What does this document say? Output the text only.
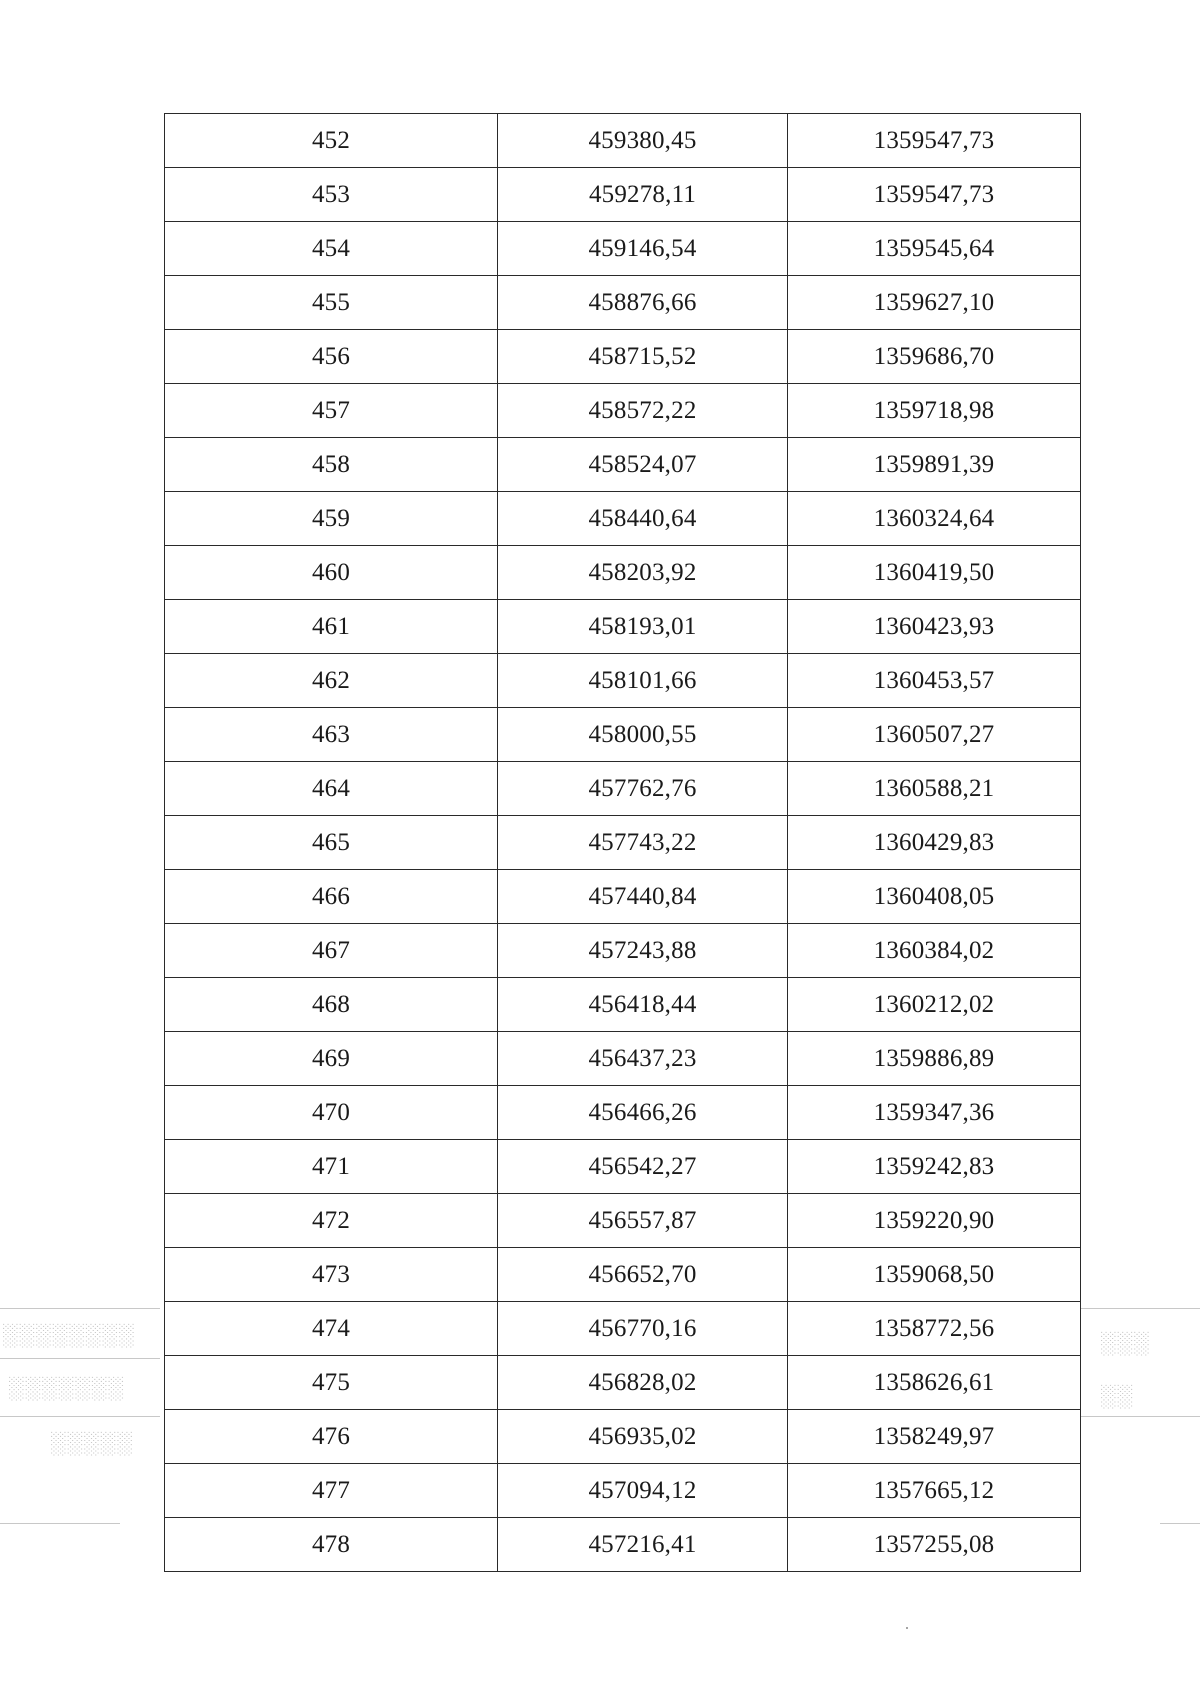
░░░░░░░░
░░░░░░░
░░░░░
░░░
░░
452	459380,45	1359547,73
453	459278,11	1359547,73
454	459146,54	1359545,64
455	458876,66	1359627,10
456	458715,52	1359686,70
457	458572,22	1359718,98
458	458524,07	1359891,39
459	458440,64	1360324,64
460	458203,92	1360419,50
461	458193,01	1360423,93
462	458101,66	1360453,57
463	458000,55	1360507,27
464	457762,76	1360588,21
465	457743,22	1360429,83
466	457440,84	1360408,05
467	457243,88	1360384,02
468	456418,44	1360212,02
469	456437,23	1359886,89
470	456466,26	1359347,36
471	456542,27	1359242,83
472	456557,87	1359220,90
473	456652,70	1359068,50
474	456770,16	1358772,56
475	456828,02	1358626,61
476	456935,02	1358249,97
477	457094,12	1357665,12
478	457216,41	1357255,08
